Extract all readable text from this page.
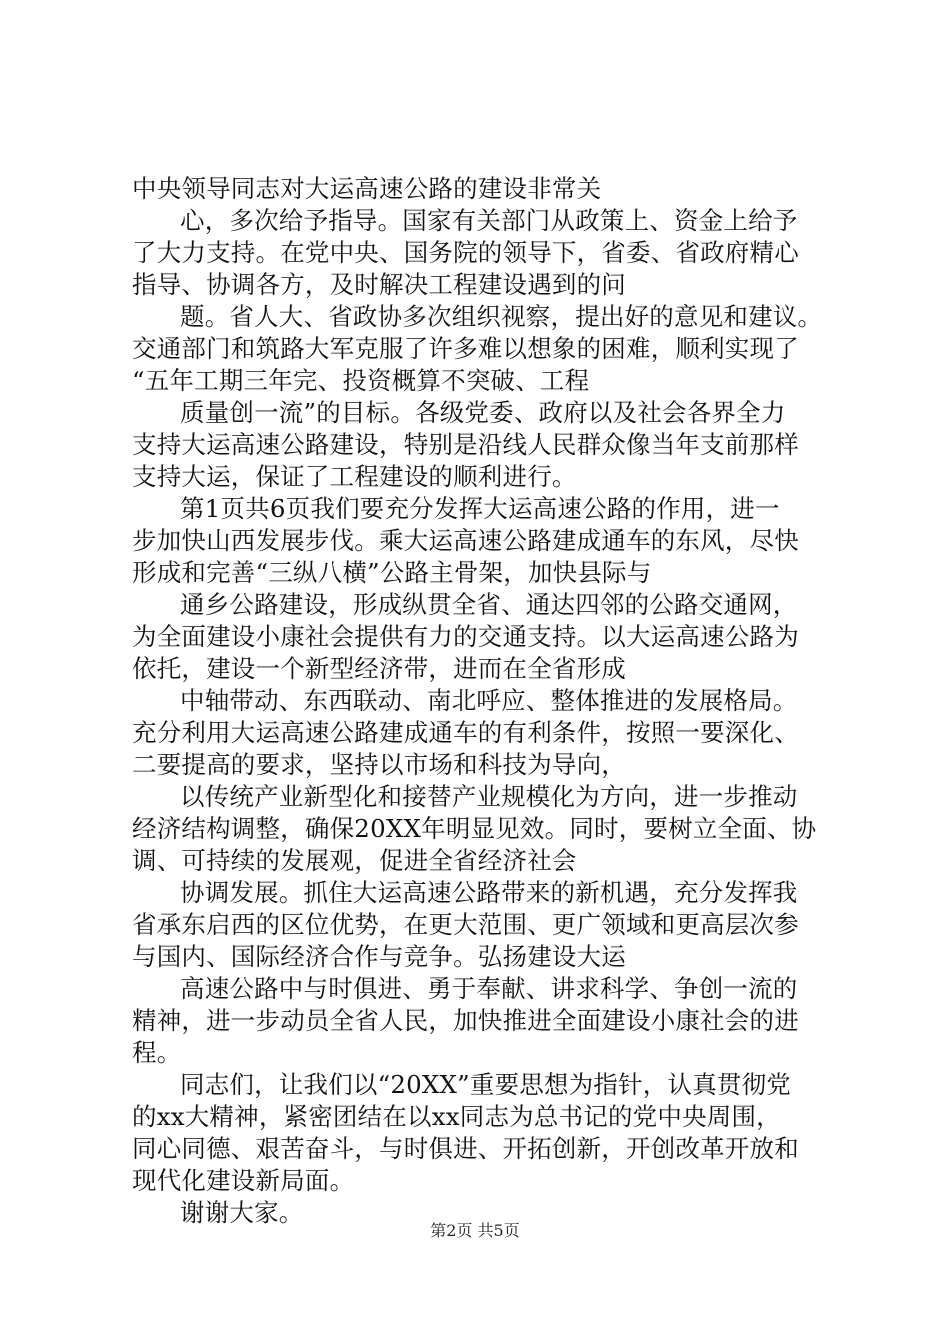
中央领导同志对大运高速公路的建设非常关
心，多次给予指导。国家有关部门从政策上、资金上给予
了大力支持。在党中央、国务院的领导下，省委、省政府精心
指导、协调各方，及时解决工程建设遇到的问
题。省人大、省政协多次组织视察，提出好的意见和建议。
交通部门和筑路大军克服了许多难以想象的困难，顺利实现了
“五年工期三年完、投资概算不突破、工程
质量创一流”的目标。各级党委、政府以及社会各界全力
支持大运高速公路建设，特别是沿线人民群众像当年支前那样
支持大运，保证了工程建设的顺利进行。
第1页共6页我们要充分发挥大运高速公路的作用，进一
步加快山西发展步伐。乘大运高速公路建成通车的东风，尽快
形成和完善“三纵八横”公路主骨架，加快县际与
通乡公路建设，形成纵贯全省、通达四邻的公路交通网，
为全面建设小康社会提供有力的交通支持。以大运高速公路为
依托，建设一个新型经济带，进而在全省形成
中轴带动、东西联动、南北呼应、整体推进的发展格局。
充分利用大运高速公路建成通车的有利条件，按照一要深化、
二要提高的要求，坚持以市场和科技为导向，
以传统产业新型化和接替产业规模化为方向，进一步推动
经济结构调整，确保20XX年明显见效。同时，要树立全面、协
调、可持续的发展观，促进全省经济社会
协调发展。抓住大运高速公路带来的新机遇，充分发挥我
省承东启西的区位优势，在更大范围、更广领域和更高层次参
与国内、国际经济合作与竞争。弘扬建设大运
高速公路中与时俱进、勇于奉献、讲求科学、争创一流的
精神，进一步动员全省人民，加快推进全面建设小康社会的进
程。
同志们，让我们以“20XX”重要思想为指针，认真贯彻党
的xx大精神，紧密团结在以xx同志为总书记的党中央周围，
同心同德、艰苦奋斗，与时俱进、开拓创新，开创改革开放和
现代化建设新局面。
谢谢大家。
第2页 共5页
